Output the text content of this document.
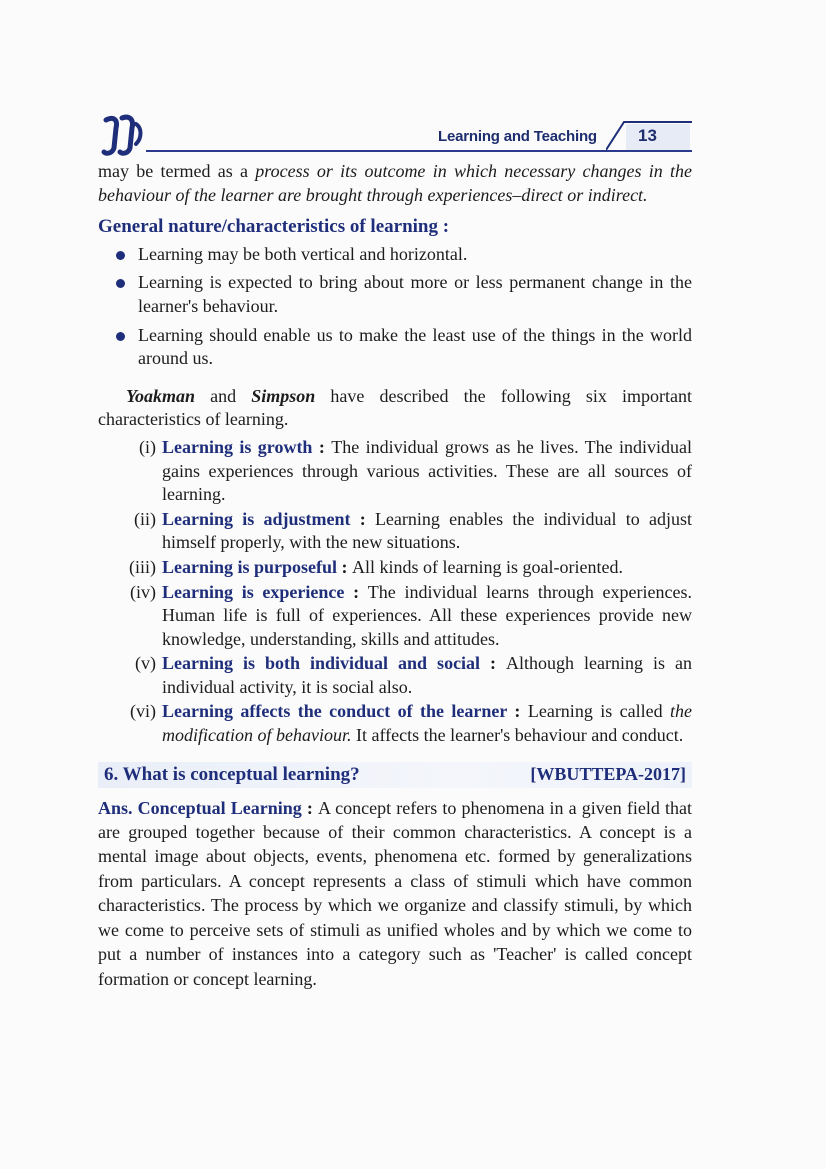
Learning and Teaching 13

may be termed as a process or its outcome in which necessary changes in the behaviour of the learner are brought through experiences–direct or indirect.

General nature/characteristics of learning :
Learning may be both vertical and horizontal.
Learning is expected to bring about more or less permanent change in the learner's behaviour.
Learning should enable us to make the least use of the things in the world around us.

Yoakman and Simpson have described the following six important characteristics of learning.

(i) Learning is growth : The individual grows as he lives. The individual gains experiences through various activities. These are all sources of learning.
(ii) Learning is adjustment : Learning enables the individual to adjust himself properly, with the new situations.
(iii) Learning is purposeful : All kinds of learning is goal-oriented.
(iv) Learning is experience : The individual learns through experiences. Human life is full of experiences. All these experiences provide new knowledge, understanding, skills and attitudes.
(v) Learning is both individual and social : Although learning is an individual activity, it is social also.
(vi) Learning affects the conduct of the learner : Learning is called the modification of behaviour. It affects the learner's behaviour and conduct.
6. What is conceptual learning?	[WBUTTEPA-2017]

Ans. Conceptual Learning : A concept refers to phenomena in a given field that are grouped together because of their common characteristics. A concept is a mental image about objects, events, phenomena etc. formed by generalizations from particulars. A concept represents a class of stimuli which have common characteristics. The process by which we organize and classify stimuli, by which we come to perceive sets of stimuli as unified wholes and by which we come to put a number of instances into a category such as 'Teacher' is called concept formation or concept learning.
